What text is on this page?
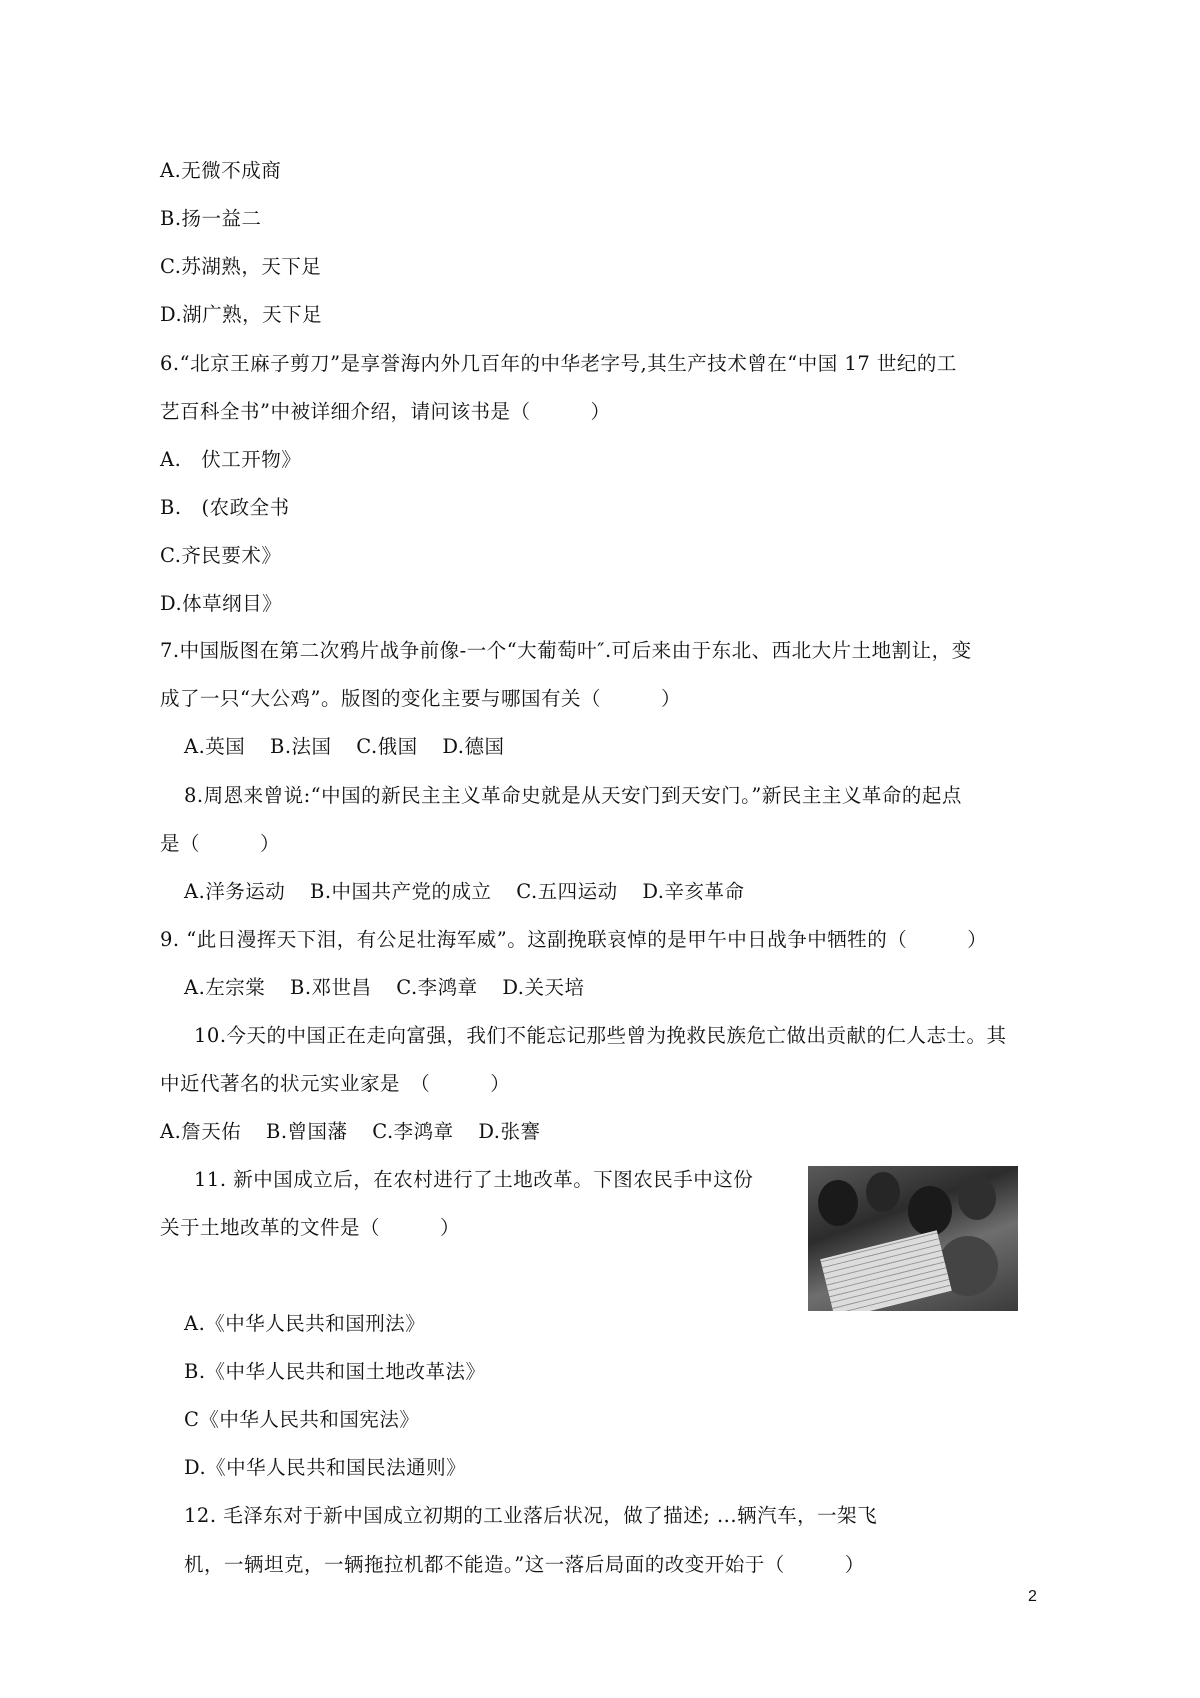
A.无微不成商
B.扬一益二
C.苏湖熟，天下足
D.湖广熟，天下足
6.“北京王麻子剪刀”是享誉海内外几百年的中华老字号,其生产技术曾在“中国 17 世纪的工
艺百科全书”中被详细介绍，请问该书是（　　　）
A.　伏工开物》
B.　(农政全书
C.齐民要术》
D.体草纲目》
7.中国版图在第二次鸦片战争前像-一个“大葡萄叶″.可后来由于东北、西北大片土地割让，变
成了一只“大公鸡”。版图的变化主要与哪国有关（　　　）
A.英国 B.法国 C.俄国 D.德国
8.周恩来曾说:“中国的新民主主义革命史就是从天安门到天安门。”新民主主义革命的起点
是（　　　）
A.洋务运动 B.中国共产党的成立 C.五四运动 D.辛亥革命
9. “此日漫挥天下泪，有公足壮海军威”。这副挽联哀悼的是甲午中日战争中牺牲的（　　　）
A.左宗棠 B.邓世昌 C.李鸿章 D.关天培
10.今天的中国正在走向富强，我们不能忘记那些曾为挽救民族危亡做出贡献的仁人志士。其
中近代著名的状元实业家是　（　　　）
A.詹天佑 B.曾国藩 C.李鸿章 D.张謇
11. 新中国成立后，在农村进行了土地改革。下图农民手中这份
关于土地改革的文件是（　　　）
A.《中华人民共和国刑法》
B.《中华人民共和国土地改革法》
C《中华人民共和国宪法》
D.《中华人民共和国民法通则》
12. 毛泽东对于新中国成立初期的工业落后状况，做了描述; ...辆汽车，一架飞
机，一辆坦克，一辆拖拉机都不能造。”这一落后局面的改变开始于（　　　）
2
